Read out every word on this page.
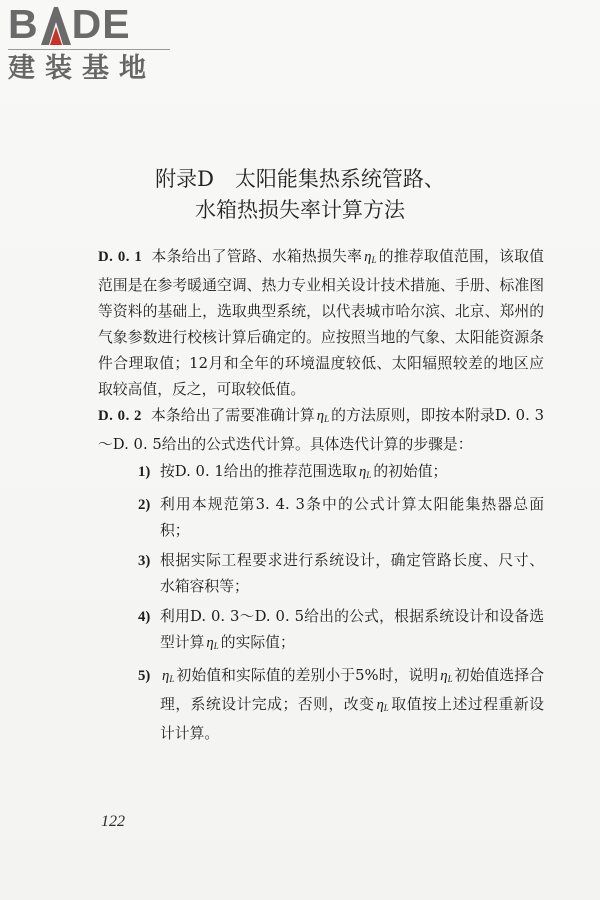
B DE
建装基地
附录D　太阳能集热系统管路、
水箱热损失率计算方法

D. 0. 1 本条给出了管路、水箱热损失率 $\eta_L$ 的推荐取值范围，该取值范围是在参考暖通空调、热力专业相关设计技术措施、手册、标准图等资料的基础上，选取典型系统，以代表城市哈尔滨、北京、郑州的气象参数进行校核计算后确定的。应按照当地的气象、太阳能资源条件合理取值；12月和全年的环境温度较低、太阳辐照较差的地区应取较高值，反之，可取较低值。

D. 0. 2 本条给出了需要准确计算 $\eta_L$ 的方法原则，即按本附录D. 0. 3～D. 0. 5给出的公式迭代计算。具体迭代计算的步骤是：

1) 按D. 0. 1给出的推荐范围选取 $\eta_L$ 的初始值；
2) 利用本规范第3. 4. 3条中的公式计算太阳能集热器总面积；
3) 根据实际工程要求进行系统设计，确定管路长度、尺寸、水箱容积等；
4) 利用D. 0. 3～D. 0. 5给出的公式，根据系统设计和设备选型计算 $\eta_L$ 的实际值；
5) $\eta_L$ 初始值和实际值的差别小于5%时，说明 $\eta_L$ 初始值选择合理，系统设计完成；否则，改变 $\eta_L$ 取值按上述过程重新设计计算。
122
